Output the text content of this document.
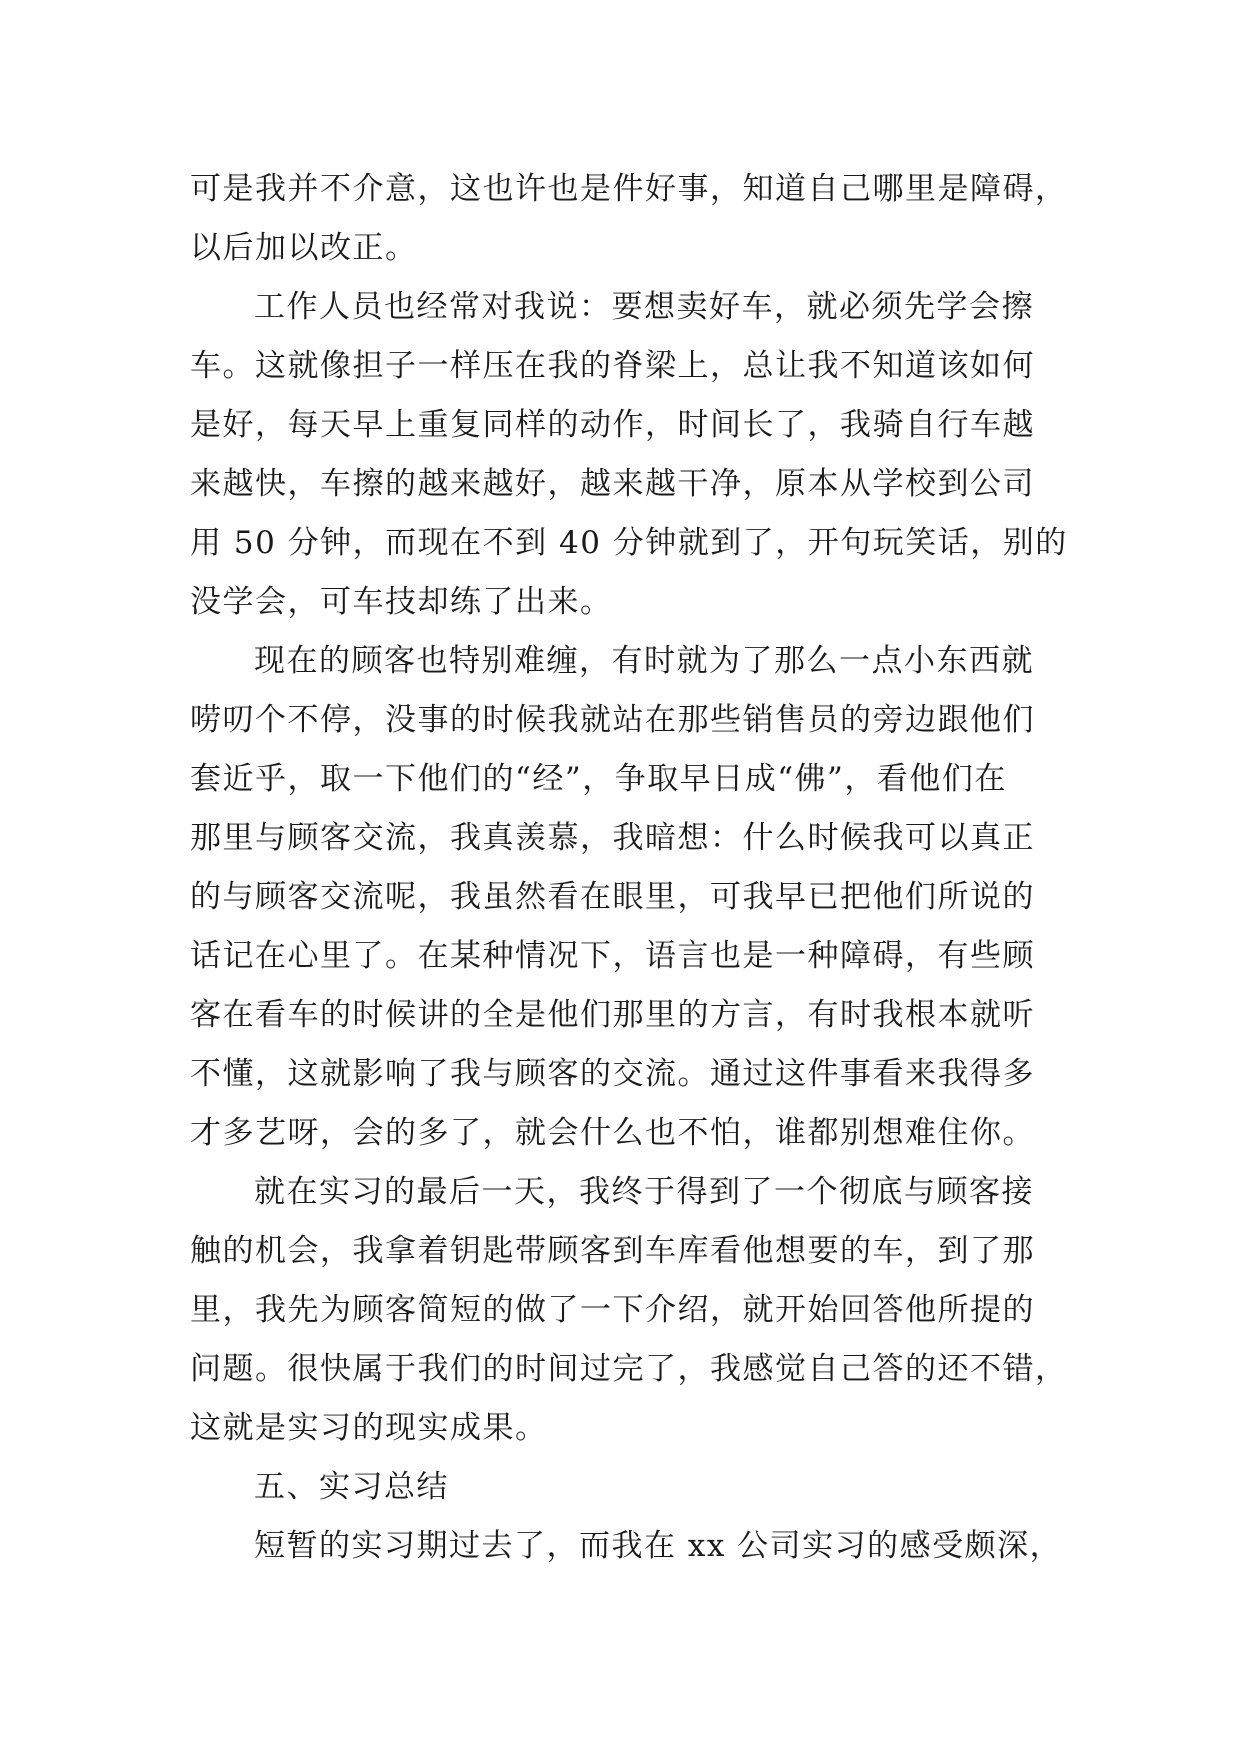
可是我并不介意，这也许也是件好事，知道自己哪里是障碍，
以后加以改正。
工作人员也经常对我说：要想卖好车，就必须先学会擦
车。这就像担子一样压在我的脊梁上，总让我不知道该如何
是好，每天早上重复同样的动作，时间长了，我骑自行车越
来越快，车擦的越来越好，越来越干净，原本从学校到公司
用 50 分钟，而现在不到 40 分钟就到了，开句玩笑话，别的
没学会，可车技却练了出来。
现在的顾客也特别难缠，有时就为了那么一点小东西就
唠叨个不停，没事的时候我就站在那些销售员的旁边跟他们
套近乎，取一下他们的“经”，争取早日成“佛”，看他们在
那里与顾客交流，我真羡慕，我暗想：什么时候我可以真正
的与顾客交流呢，我虽然看在眼里，可我早已把他们所说的
话记在心里了。在某种情况下，语言也是一种障碍，有些顾
客在看车的时候讲的全是他们那里的方言，有时我根本就听
不懂，这就影响了我与顾客的交流。通过这件事看来我得多
才多艺呀，会的多了，就会什么也不怕，谁都别想难住你。
就在实习的最后一天，我终于得到了一个彻底与顾客接
触的机会，我拿着钥匙带顾客到车库看他想要的车，到了那
里，我先为顾客简短的做了一下介绍，就开始回答他所提的
问题。很快属于我们的时间过完了，我感觉自己答的还不错，
这就是实习的现实成果。
五、实习总结
短暂的实习期过去了，而我在 xx 公司实习的感受颇深，
